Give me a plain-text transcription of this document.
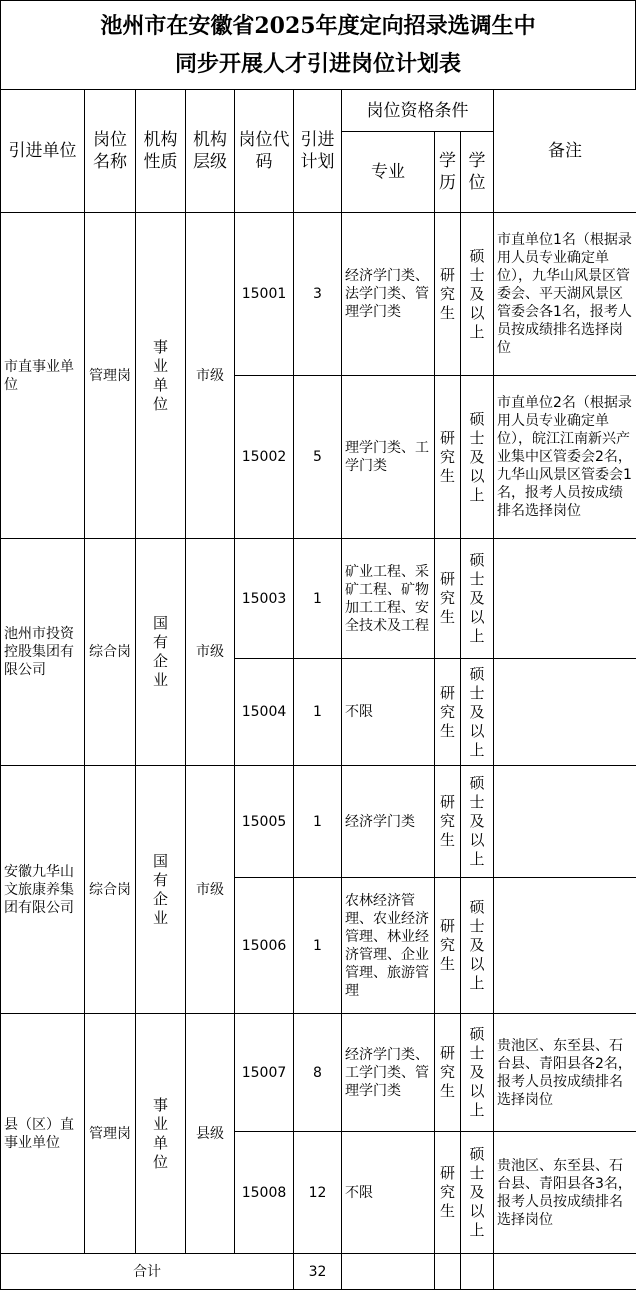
池州市在安徽省2025年度定向招录选调生中
同步开展人才引进岗位计划表
引进单位	岗位名称	机构性质	机构层级	岗位代码	引进计划	岗位资格条件			备注
						专业	学历	学位	
市直事业单位	管理岗	事业单位	市级	15001	3	经济学门类、法学门类、管理学门类	研究生	硕士及以上	市直单位1名（根据录用人员专业确定单位），九华山风景区管委会、平天湖风景区管委会各1名，报考人员按成绩排名选择岗位
				15002	5	理学门类、工学门类	研究生	硕士及以上	市直单位2名（根据录用人员专业确定单位），皖江江南新兴产业集中区管委会2名，九华山风景区管委会1名，报考人员按成绩排名选择岗位
池州市投资控股集团有限公司	综合岗	国有企业	市级	15003	1	矿业工程、采矿工程、矿物加工工程、安全技术及工程	研究生	硕士及以上	
				15004	1	不限	研究生	硕士及以上	
安徽九华山文旅康养集团有限公司	综合岗	国有企业	市级	15005	1	经济学门类	研究生	硕士及以上	
				15006	1	农林经济管理、农业经济管理、林业经济管理、企业管理、旅游管理	研究生	硕士及以上	
县（区）直事业单位	管理岗	事业单位	县级	15007	8	经济学门类、工学门类、管理学门类	研究生	硕士及以上	贵池区、东至县、石台县、青阳县各2名，报考人员按成绩排名选择岗位
				15008	12	不限	研究生	硕士及以上	贵池区、东至县、石台县、青阳县各3名，报考人员按成绩排名选择岗位
合计					32				
